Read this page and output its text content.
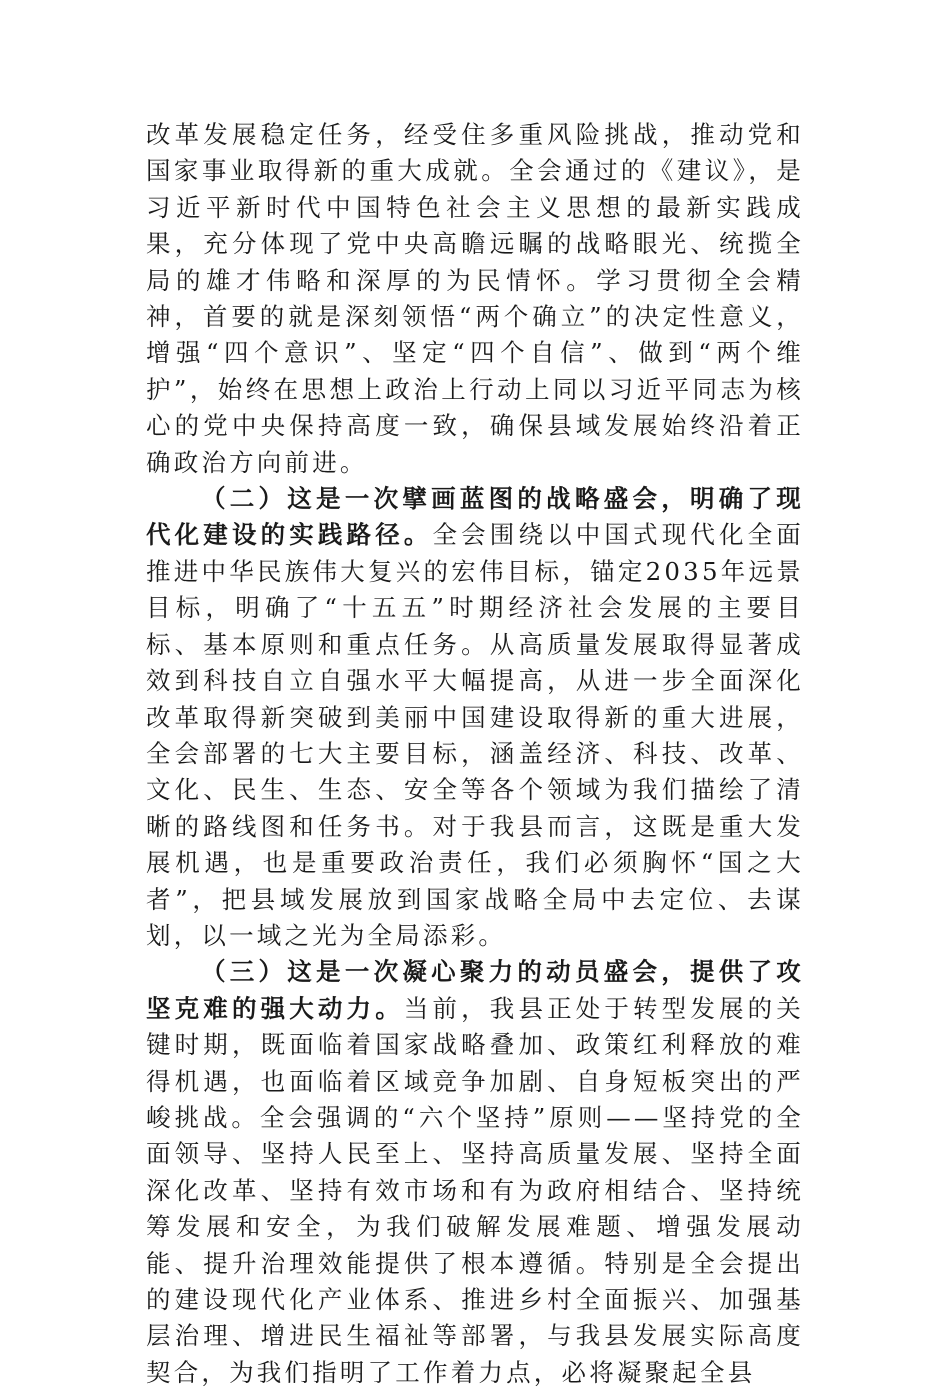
改革发展稳定任务，经受住多重风险挑战，推动党和国家事业取得新的重大成就。全会通过的《建议》，是习近平新时代中国特色社会主义思想的最新实践成果，充分体现了党中央高瞻远瞩的战略眼光、统揽全局的雄才伟略和深厚的为民情怀。学习贯彻全会精神，首要的就是深刻领悟“两个确立”的决定性意义，增强“四个意识”、坚定“四个自信”、做到“两个维护”，始终在思想上政治上行动上同以习近平同志为核心的党中央保持高度一致，确保县域发展始终沿着正确政治方向前进。

（二）这是一次擘画蓝图的战略盛会，明确了现代化建设的实践路径。全会围绕以中国式现代化全面推进中华民族伟大复兴的宏伟目标，锚定2035年远景目标，明确了“十五五”时期经济社会发展的主要目标、基本原则和重点任务。从高质量发展取得显著成效到科技自立自强水平大幅提高，从进一步全面深化改革取得新突破到美丽中国建设取得新的重大进展，全会部署的七大主要目标，涵盖经济、科技、改革、文化、民生、生态、安全等各个领域为我们描绘了清晰的路线图和任务书。对于我县而言，这既是重大发展机遇，也是重要政治责任，我们必须胸怀“国之大者”，把县域发展放到国家战略全局中去定位、去谋划，以一域之光为全局添彩。

（三）这是一次凝心聚力的动员盛会，提供了攻坚克难的强大动力。当前，我县正处于转型发展的关键时期，既面临着国家战略叠加、政策红利释放的难得机遇，也面临着区域竞争加剧、自身短板突出的严峻挑战。全会强调的“六个坚持”原则——坚持党的全面领导、坚持人民至上、坚持高质量发展、坚持全面深化改革、坚持有效市场和有为政府相结合、坚持统筹发展和安全，为我们破解发展难题、增强发展动能、提升治理效能提供了根本遵循。特别是全会提出的建设现代化产业体系、推进乡村全面振兴、加强基层治理、增进民生福祉等部署，与我县发展实际高度契合，为我们指明了工作着力点，必将凝聚起全县
